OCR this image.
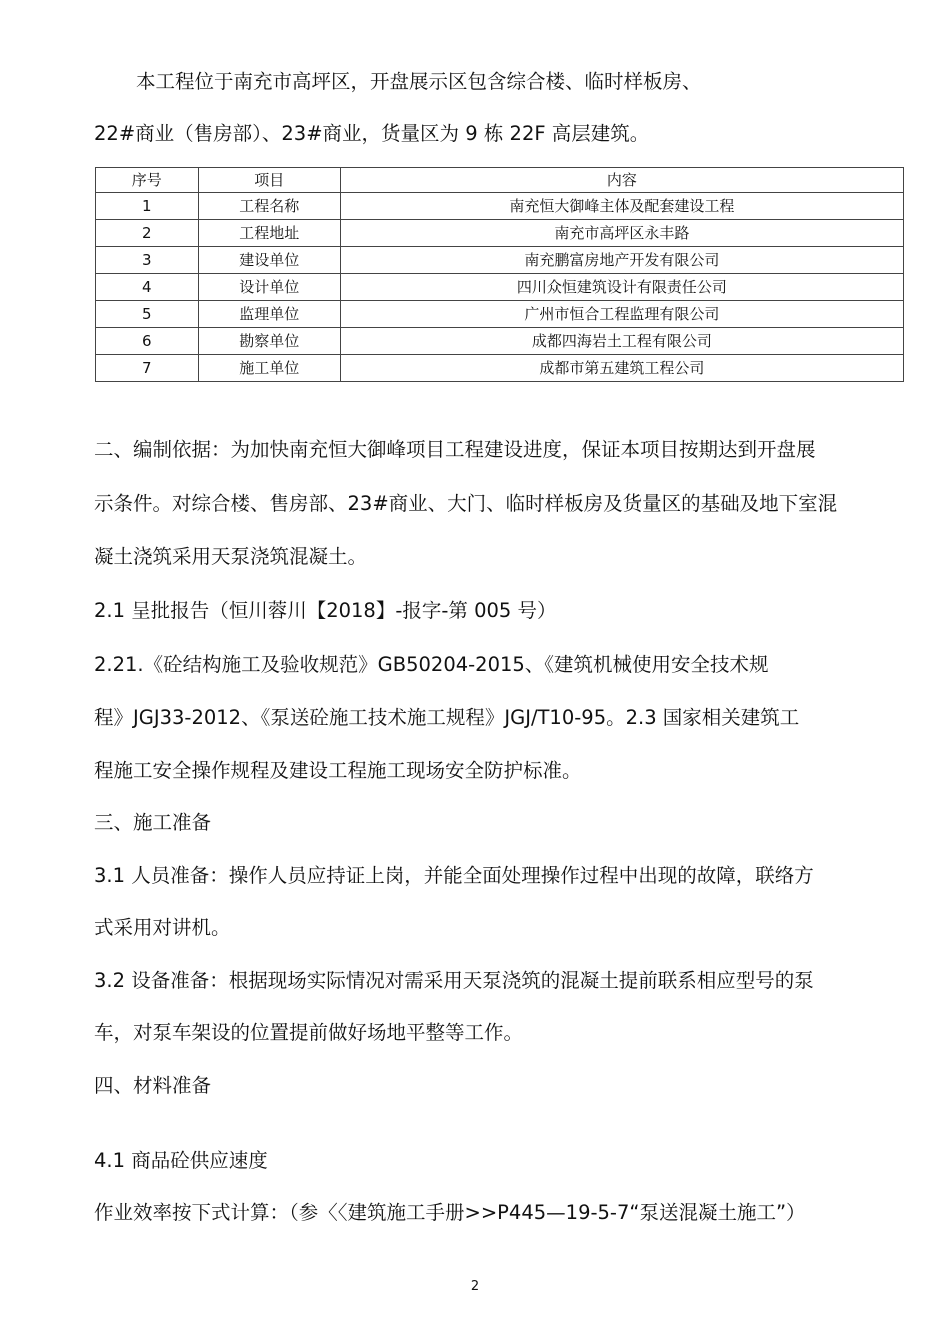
本工程位于南充市高坪区，开盘展示区包含综合楼、临时样板房、
22#商业（售房部）、23#商业，货量区为 9 栋 22F 高层建筑。
序号	项目	内容
1	工程名称	南充恒大御峰主体及配套建设工程
2	工程地址	南充市高坪区永丰路
3	建设单位	南充鹏富房地产开发有限公司
4	设计单位	四川众恒建筑设计有限责任公司
5	监理单位	广州市恒合工程监理有限公司
6	勘察单位	成都四海岩土工程有限公司
7	施工单位	成都市第五建筑工程公司
二、编制依据：为加快南充恒大御峰项目工程建设进度，保证本项目按期达到开盘展
示条件。对综合楼、售房部、23#商业、大门、临时样板房及货量区的基础及地下室混
凝土浇筑采用天泵浇筑混凝土。
2.1 呈批报告（恒川蓉川【2018】-报字-第 005 号）
2.21.《砼结构施工及验收规范》GB50204-2015、《建筑机械使用安全技术规
程》JGJ33-2012、《泵送砼施工技术施工规程》JGJ/T10-95。2.3 国家相关建筑工
程施工安全操作规程及建设工程施工现场安全防护标准。
三、施工准备
3.1 人员准备：操作人员应持证上岗，并能全面处理操作过程中出现的故障，联络方
式采用对讲机。
3.2 设备准备：根据现场实际情况对需采用天泵浇筑的混凝土提前联系相应型号的泵
车，对泵车架设的位置提前做好场地平整等工作。
四、材料准备
4.1 商品砼供应速度
作业效率按下式计算：（参〈〈建筑施工手册>>P445—19-5-7“泵送混凝土施工”）
2
